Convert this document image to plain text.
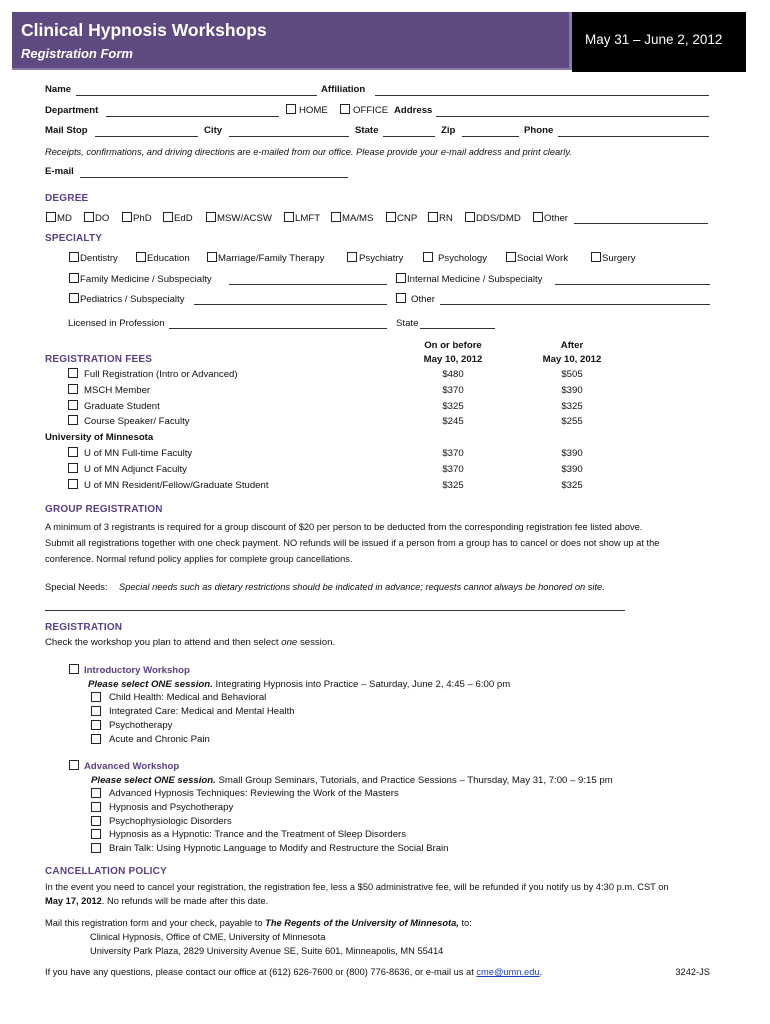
Clinical Hypnosis Workshops
Registration Form
May 31 – June 2, 2012
Name	Affiliation
Department	HOME	OFFICE Address
Mail Stop	City	State	Zip	Phone
Receipts, confirmations, and driving directions are e-mailed from our office. Please provide your e-mail address and print clearly.
E-mail
DEGREE
MD DO PhD EdD	MSW/ACSW LMFT MA/MS CNP RN DDS/DMD Other
SPECIALTY
Dentistry	Education	Marriage/Family Therapy	Psychiatry	Psychology	Social Work	Surgery
Family Medicine / Subspecialty	Internal Medicine / Subspecialty
Pediatrics / Subspecialty	Other
Licensed in Profession	State
On or before
May 10, 2012
After
May 10, 2012
REGISTRATION FEES
Full Registration (Intro or Advanced)	$480	$505
MSCH Member	$370	$390
Graduate Student	$325	$325
Course Speaker/ Faculty	$245	$255
University of Minnesota
U of MN Full-time Faculty	$370	$390
U of MN Adjunct Faculty	$370	$390
U of MN Resident/Fellow/Graduate Student	$325	$325
GROUP REGISTRATION
A minimum of 3 registrants is required for a group discount of $20 per person to be deducted from the corresponding registration fee listed above.
Submit all registrations together with one check payment. NO refunds will be issued if a person from a group has to cancel or does not show up at the
conference. Normal refund policy applies for complete group cancellations.
Special Needs: Special needs such as dietary restrictions should be indicated in advance; requests cannot always be honored on site.
REGISTRATION
Check the workshop you plan to attend and then select one session.
Introductory Workshop
Please select ONE session. Integrating Hypnosis into Practice – Saturday, June 2, 4:45 – 6:00 pm
Child Health: Medical and Behavioral
Integrated Care: Medical and Mental Health
Psychotherapy
Acute and Chronic Pain
Advanced Workshop
Please select ONE session. Small Group Seminars, Tutorials, and Practice Sessions – Thursday, May 31, 7:00 – 9:15 pm
Advanced Hypnosis Techniques: Reviewing the Work of the Masters
Hypnosis and Psychotherapy
Psychophysiologic Disorders
Hypnosis as a Hypnotic: Trance and the Treatment of Sleep Disorders
Brain Talk: Using Hypnotic Language to Modify and Restructure the Social Brain
CANCELLATION POLICY
In the event you need to cancel your registration, the registration fee, less a $50 administrative fee, will be refunded if you notify us by 4:30 p.m. CST on
May 17, 2012. No refunds will be made after this date.
Mail this registration form and your check, payable to The Regents of the University of Minnesota, to:
Clinical Hypnosis, Office of CME, University of Minnesota
University Park Plaza, 2829 University Avenue SE, Suite 601, Minneapolis, MN 55414
If you have any questions, please contact our office at (612) 626-7600 or (800) 776-8636, or e-mail us at cme@umn.edu.	3242-JS
